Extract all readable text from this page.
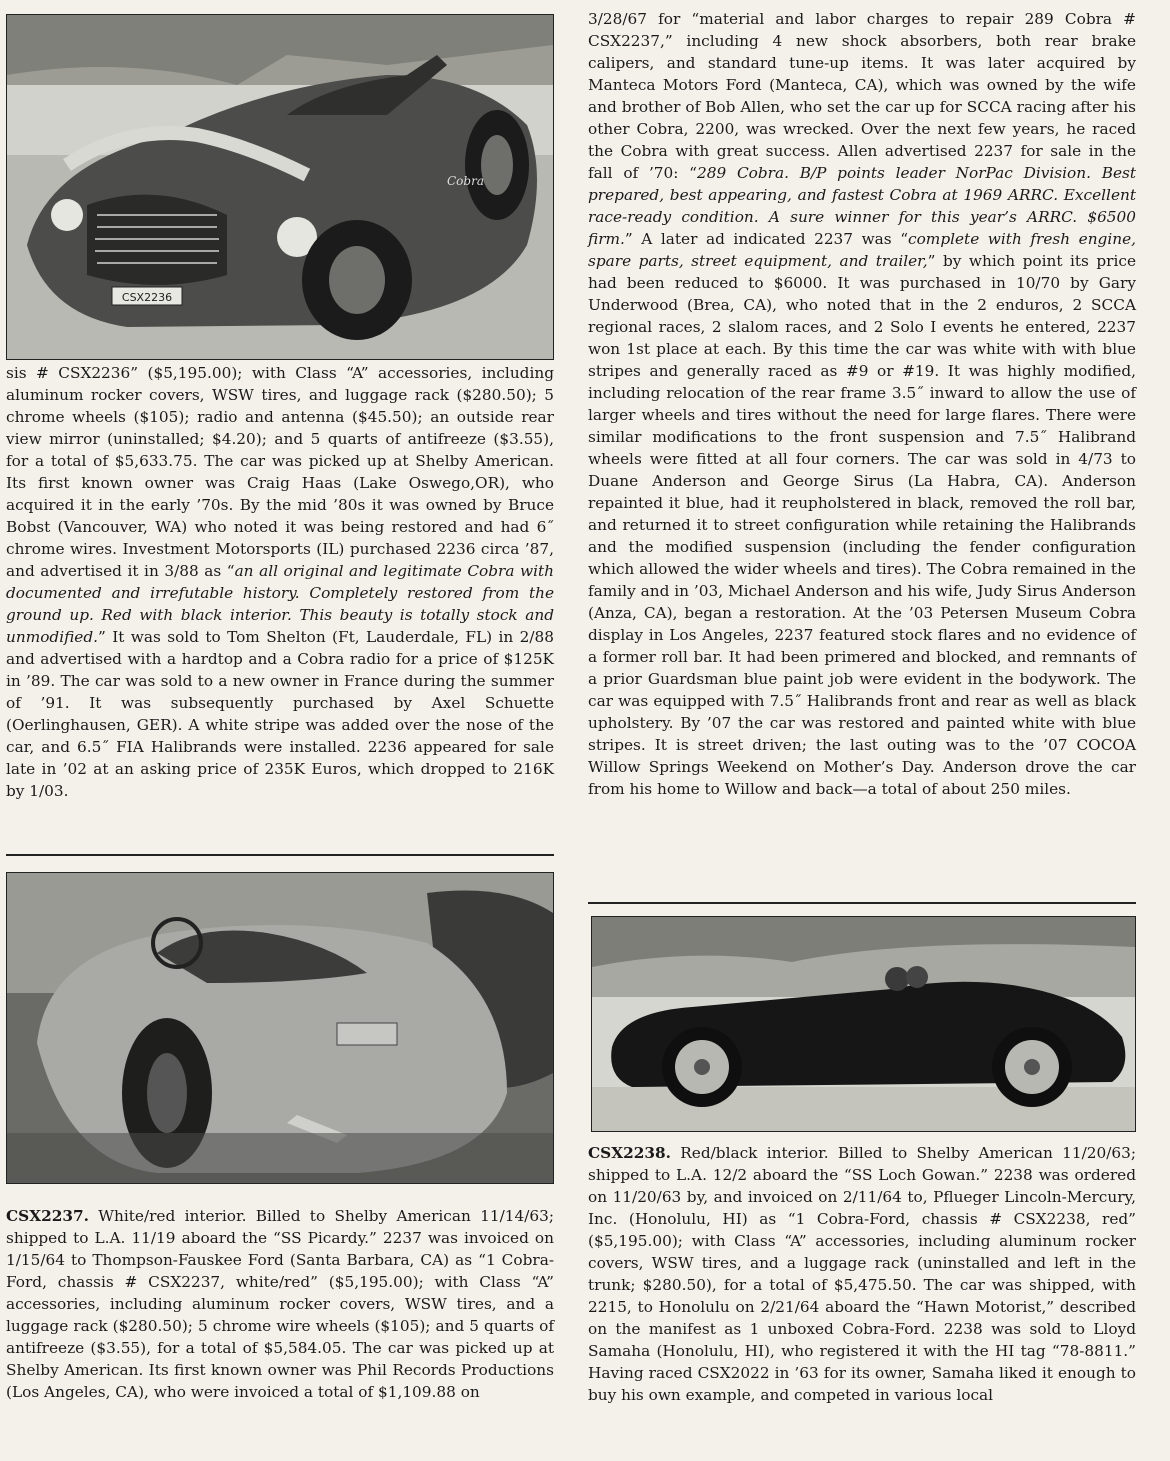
CSX2236
Cobra

sis # CSX2236” ($5,195.00); with Class “A” accessories, including aluminum rocker covers, WSW tires, and luggage rack ($280.50); 5 chrome wheels ($105); radio and antenna ($45.50); an outside rear view mirror (uninstalled; $4.20); and 5 quarts of antifreeze ($3.55), for a total of $5,633.75. The car was picked up at Shelby American. Its first known owner was Craig Haas (Lake Oswego,OR), who acquired it in the early ’70s. By the mid ’80s it was owned by Bruce Bobst (Vancouver, WA) who noted it was being restored and had 6˝ chrome wires. Investment Motorsports (IL) purchased 2236 circa ’87, and advertised it in 3/88 as “an all original and legitimate Cobra with documented and irrefutable history. Completely restored from the ground up. Red with black interior. This beauty is totally stock and unmodified.” It was sold to Tom Shelton (Ft, Lauderdale, FL) in 2/88 and advertised with a hardtop and a Cobra radio for a price of $125K in ’89. The car was sold to a new owner in France during the summer of ’91. It was subsequently purchased by Axel Schuette (Oerlinghausen, GER). A white stripe was added over the nose of the car, and 6.5˝ FIA Halibrands were installed. 2236 appeared for sale late in ’02 at an asking price of 235K Euros, which dropped to 216K by 1/03.

CSX2237. White/red interior. Billed to Shelby American 11/14/63; shipped to L.A. 11/19 aboard the “SS Picardy.” 2237 was invoiced on 1/15/64 to Thompson-Fauskee Ford (Santa Barbara, CA) as “1 Cobra-Ford, chassis # CSX2237, white/red” ($5,195.00); with Class “A” accessories, including aluminum rocker covers, WSW tires, and a luggage rack ($280.50); 5 chrome wire wheels ($105); and 5 quarts of antifreeze ($3.55), for a total of $5,584.05. The car was picked up at Shelby American. Its first known owner was Phil Records Productions (Los Angeles, CA), who were invoiced a total of $1,109.88 on

3/28/67 for “material and labor charges to repair 289 Cobra # CSX2237,” including 4 new shock absorbers, both rear brake calipers, and standard tune-up items. It was later acquired by Manteca Motors Ford (Manteca, CA), which was owned by the wife and brother of Bob Allen, who set the car up for SCCA racing after his other Cobra, 2200, was wrecked. Over the next few years, he raced the Cobra with great success. Allen advertised 2237 for sale in the fall of ’70: “289 Cobra. B/P points leader NorPac Division. Best prepared, best appearing, and fastest Cobra at 1969 ARRC. Excellent race-ready condition. A sure winner for this year’s ARRC. $6500 firm.” A later ad indicated 2237 was “complete with fresh engine, spare parts, street equipment, and trailer,” by which point its price had been reduced to $6000. It was purchased in 10/70 by Gary Underwood (Brea, CA), who noted that in the 2 enduros, 2 SCCA regional races, 2 slalom races, and 2 Solo I events he entered, 2237 won 1st place at each. By this time the car was white with with blue stripes and generally raced as #9 or #19. It was highly modified, including relocation of the rear frame 3.5˝ inward to allow the use of larger wheels and tires without the need for large flares. There were similar modifications to the front suspension and 7.5˝ Halibrand wheels were fitted at all four corners. The car was sold in 4/73 to Duane Anderson and George Sirus (La Habra, CA). Anderson repainted it blue, had it reupholstered in black, removed the roll bar, and returned it to street configuration while retaining the Halibrands and the modified suspension (including the fender configuration which allowed the wider wheels and tires). The Cobra remained in the family and in ’03, Michael Anderson and his wife, Judy Sirus Anderson (Anza, CA), began a restoration. At the ’03 Petersen Museum Cobra display in Los Angeles, 2237 featured stock flares and no evidence of a former roll bar. It had been primered and blocked, and remnants of a prior Guardsman blue paint job were evident in the bodywork. The car was equipped with 7.5˝ Halibrands front and rear as well as black upholstery. By ’07 the car was restored and painted white with blue stripes. It is street driven; the last outing was to the ’07 COCOA Willow Springs Weekend on Mother’s Day. Anderson drove the car from his home to Willow and back—a total of about 250 miles.

CSX2238. Red/black interior. Billed to Shelby American 11/20/63; shipped to L.A. 12/2 aboard the “SS Loch Gowan.” 2238 was ordered on 11/20/63 by, and invoiced on 2/11/64 to, Pflueger Lincoln-Mercury, Inc. (Honolulu, HI) as “1 Cobra-Ford, chassis # CSX2238, red” ($5,195.00); with Class “A” accessories, including aluminum rocker covers, WSW tires, and a luggage rack (uninstalled and left in the trunk; $280.50), for a total of $5,475.50. The car was shipped, with 2215, to Honolulu on 2/21/64 aboard the “Hawn Motorist,” described on the manifest as 1 unboxed Cobra-Ford. 2238 was sold to Lloyd Samaha (Honolulu, HI), who registered it with the HI tag “78-8811.” Having raced CSX2022 in ’63 for its owner, Samaha liked it enough to buy his own example, and competed in various local
